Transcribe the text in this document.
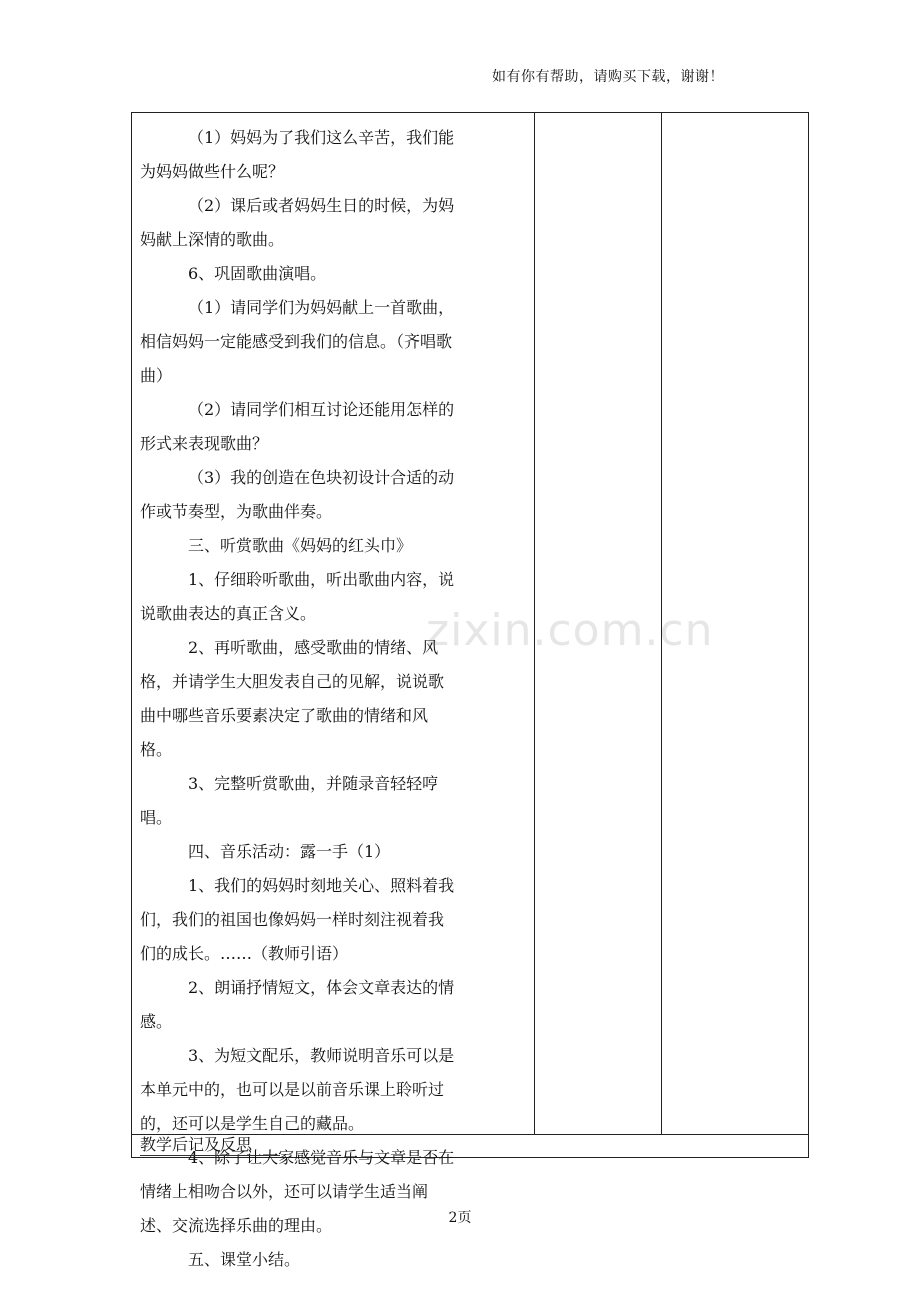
如有你有帮助，请购买下载，谢谢！
zixin.com.cn

（1）妈妈为了我们这么辛苦，我们能为妈妈做些什么呢？

（2）课后或者妈妈生日的时候，为妈妈献上深情的歌曲。

6、巩固歌曲演唱。

（1）请同学们为妈妈献上一首歌曲，相信妈妈一定能感受到我们的信息。（齐唱歌曲）

（2）请同学们相互讨论还能用怎样的形式来表现歌曲？

（3）我的创造在色块初设计合适的动作或节奏型，为歌曲伴奏。

三、听赏歌曲《妈妈的红头巾》

1、仔细聆听歌曲，听出歌曲内容，说说歌曲表达的真正含义。

2、再听歌曲，感受歌曲的情绪、风格，并请学生大胆发表自己的见解，说说歌曲中哪些音乐要素决定了歌曲的情绪和风格。

3、完整听赏歌曲，并随录音轻轻哼唱。

四、音乐活动：露一手（1）

1、我们的妈妈时刻地关心、照料着我们，我们的祖国也像妈妈一样时刻注视着我们的成长。……（教师引语）

2、朗诵抒情短文，体会文章表达的情感。

3、为短文配乐，教师说明音乐可以是本单元中的，也可以是以前音乐课上聆听过的，还可以是学生自己的藏品。

4、除了让大家感觉音乐与文章是否在情绪上相吻合以外，还可以请学生适当阐述、交流选择乐曲的理由。

五、课堂小结。

教学后记及反思
2页
